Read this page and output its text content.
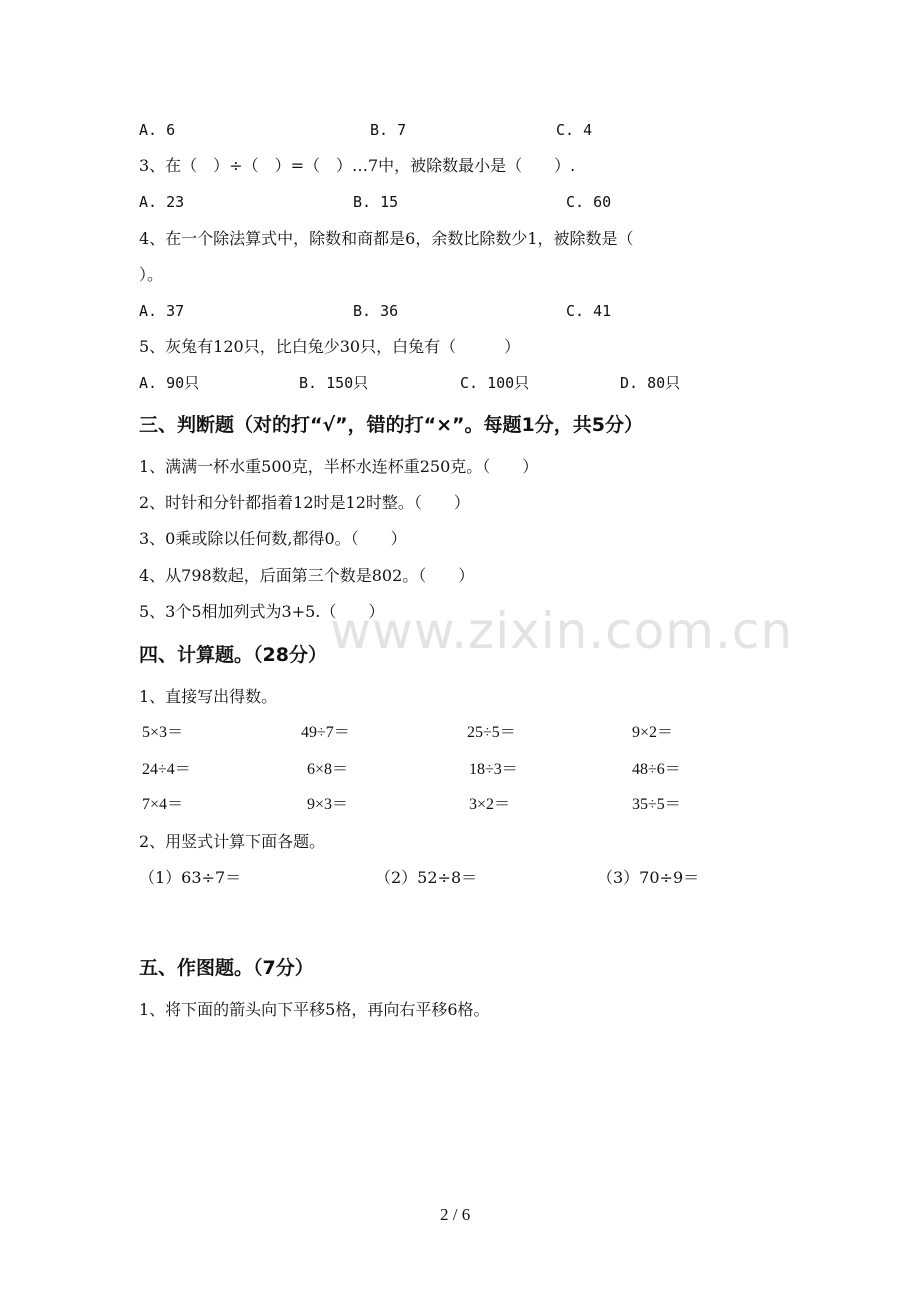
www.zixin.com.cn
A. 6	B. 7	C. 4
3、在（　）÷（　）=（　）…7中，被除数最小是（　　）.
A. 23	B. 15	C. 60
4、在一个除法算式中，除数和商都是6，余数比除数少1，被除数是（
）。
A. 37	B. 36	C. 41
5、灰兔有120只，比白兔少30只，白兔有（　　　）
A. 90只	B. 150只	C. 100只	D. 80只
三、判断题（对的打“√”，错的打“×”。每题1分，共5分）
1、满满一杯水重500克，半杯水连杯重250克。（　　）
2、时针和分针都指着12时是12时整。（　　）
3、0乘或除以任何数,都得0。（　　）
4、从798数起，后面第三个数是802。（　　）
5、3个5相加列式为3+5.（　　）
四、计算题。（28分）
1、直接写出得数。
5×3＝	49÷7＝	25÷5＝	9×2＝
24÷4＝	6×8＝	18÷3＝	48÷6＝
7×4＝	9×3＝	3×2＝	35÷5＝
2、用竖式计算下面各题。
（1）63÷7＝	（2）52÷8＝	（3）70÷9＝
五、作图题。（7分）
1、将下面的箭头向下平移5格，再向右平移6格。
2 / 6
